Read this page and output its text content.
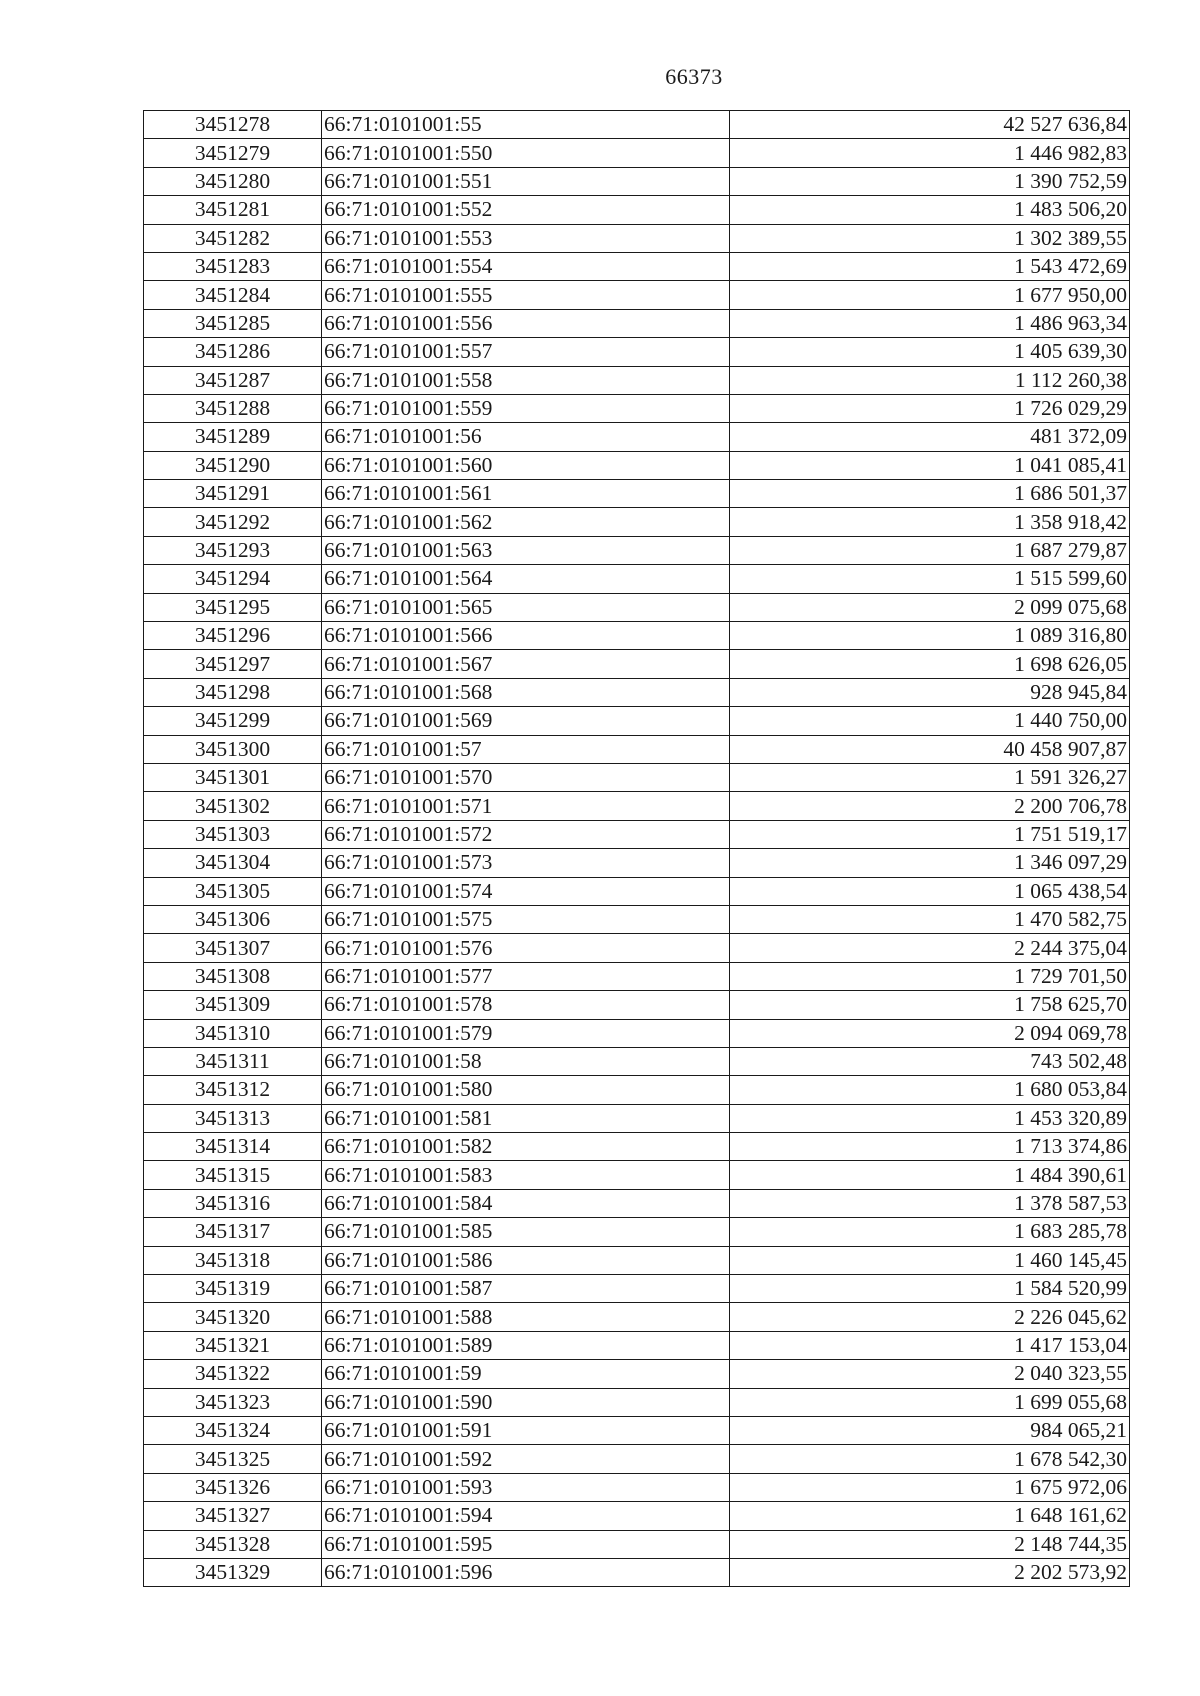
66373
3451278	66:71:0101001:55	42 527 636,84
3451279	66:71:0101001:550	1 446 982,83
3451280	66:71:0101001:551	1 390 752,59
3451281	66:71:0101001:552	1 483 506,20
3451282	66:71:0101001:553	1 302 389,55
3451283	66:71:0101001:554	1 543 472,69
3451284	66:71:0101001:555	1 677 950,00
3451285	66:71:0101001:556	1 486 963,34
3451286	66:71:0101001:557	1 405 639,30
3451287	66:71:0101001:558	1 112 260,38
3451288	66:71:0101001:559	1 726 029,29
3451289	66:71:0101001:56	481 372,09
3451290	66:71:0101001:560	1 041 085,41
3451291	66:71:0101001:561	1 686 501,37
3451292	66:71:0101001:562	1 358 918,42
3451293	66:71:0101001:563	1 687 279,87
3451294	66:71:0101001:564	1 515 599,60
3451295	66:71:0101001:565	2 099 075,68
3451296	66:71:0101001:566	1 089 316,80
3451297	66:71:0101001:567	1 698 626,05
3451298	66:71:0101001:568	928 945,84
3451299	66:71:0101001:569	1 440 750,00
3451300	66:71:0101001:57	40 458 907,87
3451301	66:71:0101001:570	1 591 326,27
3451302	66:71:0101001:571	2 200 706,78
3451303	66:71:0101001:572	1 751 519,17
3451304	66:71:0101001:573	1 346 097,29
3451305	66:71:0101001:574	1 065 438,54
3451306	66:71:0101001:575	1 470 582,75
3451307	66:71:0101001:576	2 244 375,04
3451308	66:71:0101001:577	1 729 701,50
3451309	66:71:0101001:578	1 758 625,70
3451310	66:71:0101001:579	2 094 069,78
3451311	66:71:0101001:58	743 502,48
3451312	66:71:0101001:580	1 680 053,84
3451313	66:71:0101001:581	1 453 320,89
3451314	66:71:0101001:582	1 713 374,86
3451315	66:71:0101001:583	1 484 390,61
3451316	66:71:0101001:584	1 378 587,53
3451317	66:71:0101001:585	1 683 285,78
3451318	66:71:0101001:586	1 460 145,45
3451319	66:71:0101001:587	1 584 520,99
3451320	66:71:0101001:588	2 226 045,62
3451321	66:71:0101001:589	1 417 153,04
3451322	66:71:0101001:59	2 040 323,55
3451323	66:71:0101001:590	1 699 055,68
3451324	66:71:0101001:591	984 065,21
3451325	66:71:0101001:592	1 678 542,30
3451326	66:71:0101001:593	1 675 972,06
3451327	66:71:0101001:594	1 648 161,62
3451328	66:71:0101001:595	2 148 744,35
3451329	66:71:0101001:596	2 202 573,92
